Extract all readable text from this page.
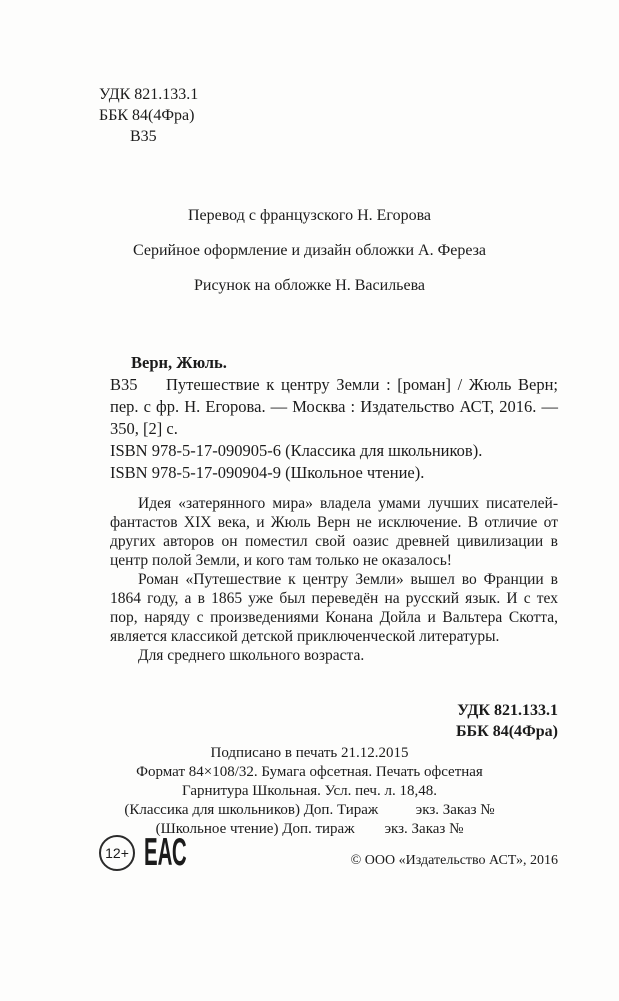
УДК 821.133.1

ББК 84(4Фра)

В35

Перевод с французского Н. Егорова

Серийное оформление и дизайн обложки А. Фереза

Рисунок на обложке Н. Васильева

Верн, Жюль.

В35	Путешествие к центру Земли : [роман] / Жюль Верн; пер. с фр. Н. Егорова. — Москва : Издательство АСТ, 2016. — 350, [2] с.

ISBN 978-5-17-090905-6 (Классика для школьников).

ISBN 978-5-17-090904-9 (Школьное чтение).

Идея «затерянного мира» владела умами лучших писателей-фантастов XIX века, и Жюль Верн не исключение. В отличие от других авторов он поместил свой оазис древней цивилизации в центр полой Земли, и кого там только не оказалось!

Роман «Путешествие к центру Земли» вышел во Франции в 1864 году, а в 1865 уже был переведён на русский язык. И с тех пор, наряду с произведениями Конана Дойла и Вальтера Скотта, является классикой детской приключенческой литературы.

Для среднего школьного возраста.

УДК 821.133.1

ББК 84(4Фра)

Подписано в печать 21.12.2015

Формат 84×108/32. Бумага офсетная. Печать офсетная

Гарнитура Школьная. Усл. печ. л. 18,48.

(Классика для школьников) Доп. Тираж          экз. Заказ №

(Школьное чтение) Доп. тираж        экз. Заказ №

12+ ЕАС	© ООО «Издательство АСТ», 2016
